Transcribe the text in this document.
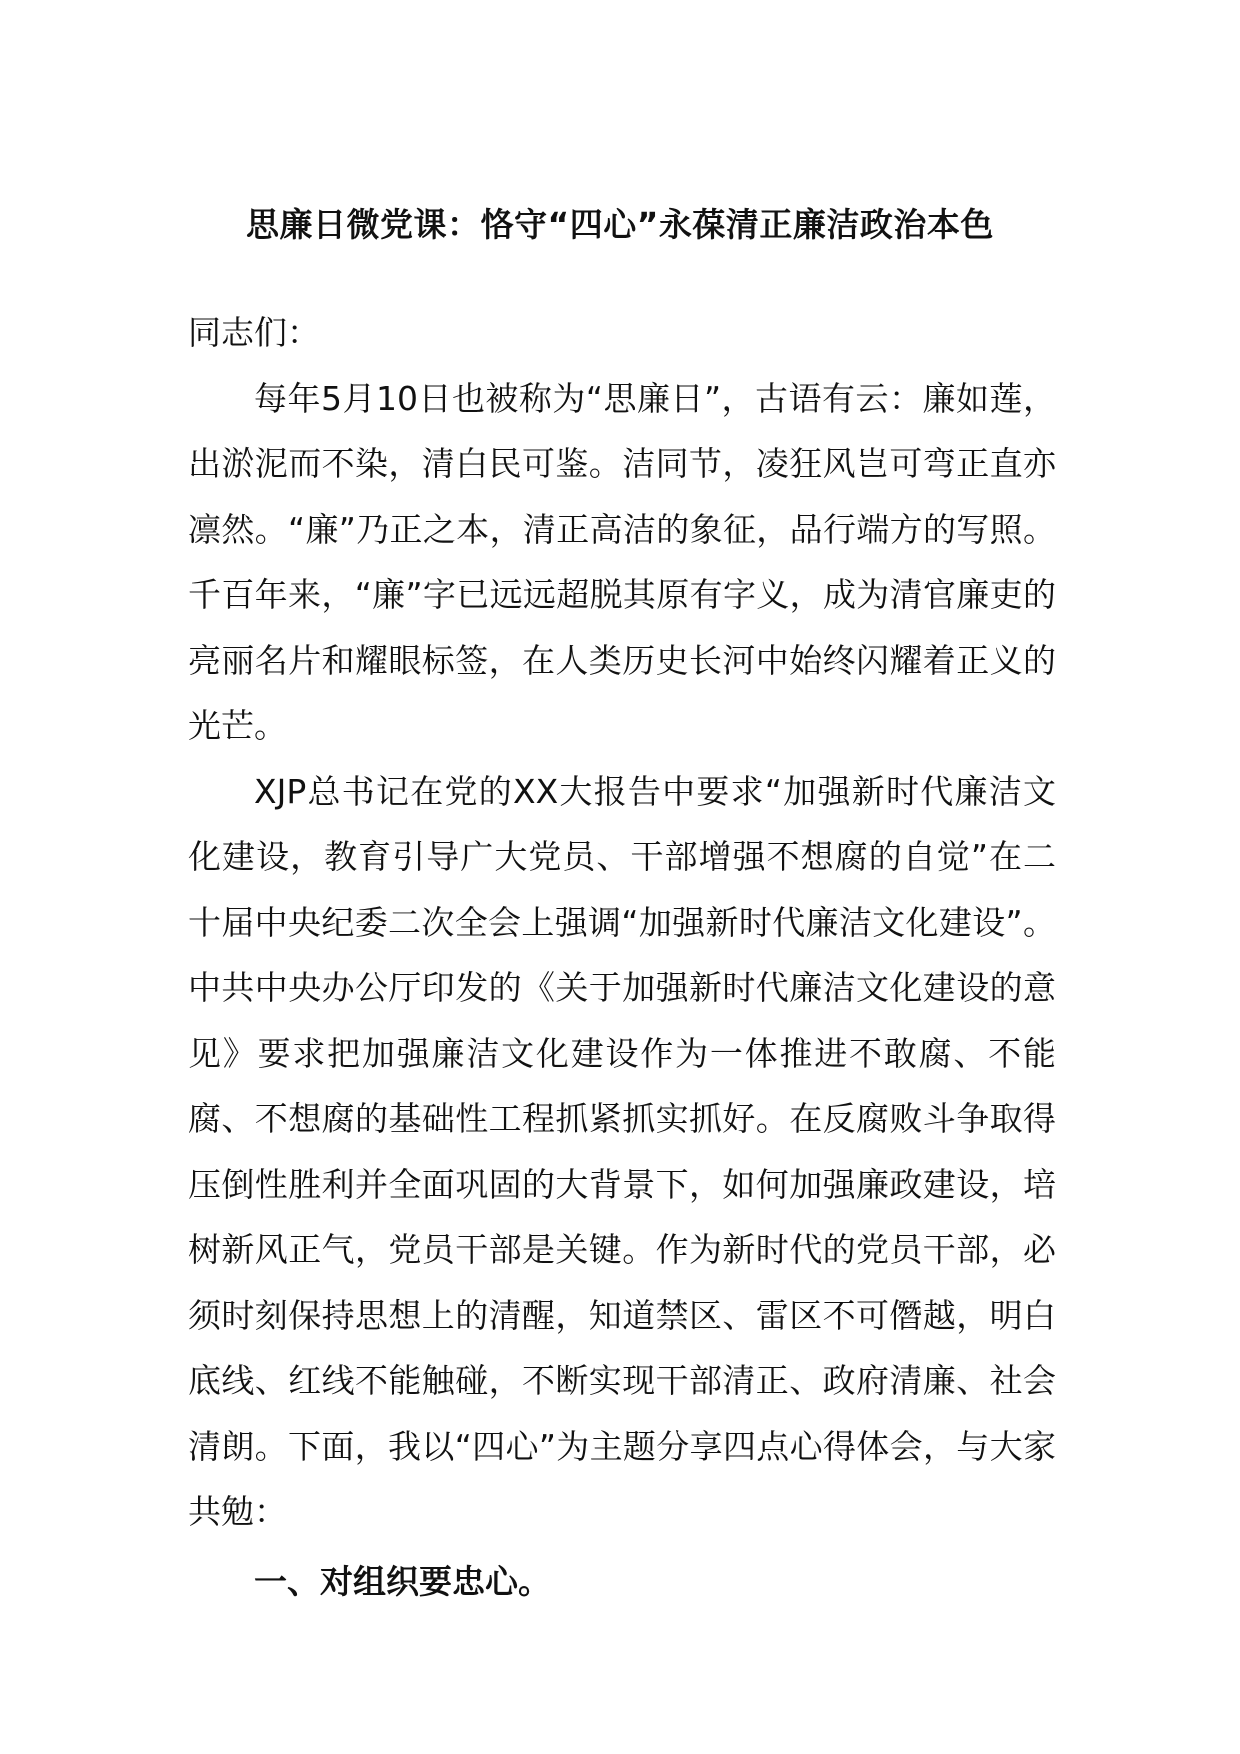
思廉日微党课：恪守“四心”永葆清正廉洁政治本色

同志们：

每年5月10日也被称为“思廉日”，古语有云：廉如莲，出淤泥而不染，清白民可鉴。洁同节，凌狂风岂可弯正直亦凛然。“廉”乃正之本，清正高洁的象征，品行端方的写照。千百年来，“廉”字已远远超脱其原有字义，成为清官廉吏的亮丽名片和耀眼标签，在人类历史长河中始终闪耀着正义的光芒。

XJP总书记在党的XX大报告中要求“加强新时代廉洁文化建设，教育引导广大党员、干部增强不想腐的自觉”在二十届中央纪委二次全会上强调“加强新时代廉洁文化建设”。中共中央办公厅印发的《关于加强新时代廉洁文化建设的意见》要求把加强廉洁文化建设作为一体推进不敢腐、不能腐、不想腐的基础性工程抓紧抓实抓好。在反腐败斗争取得压倒性胜利并全面巩固的大背景下，如何加强廉政建设，培树新风正气，党员干部是关键。作为新时代的党员干部，必须时刻保持思想上的清醒，知道禁区、雷区不可僭越，明白底线、红线不能触碰，不断实现干部清正、政府清廉、社会清朗。下面，我以“四心”为主题分享四点心得体会，与大家共勉：

一、对组织要忠心。
